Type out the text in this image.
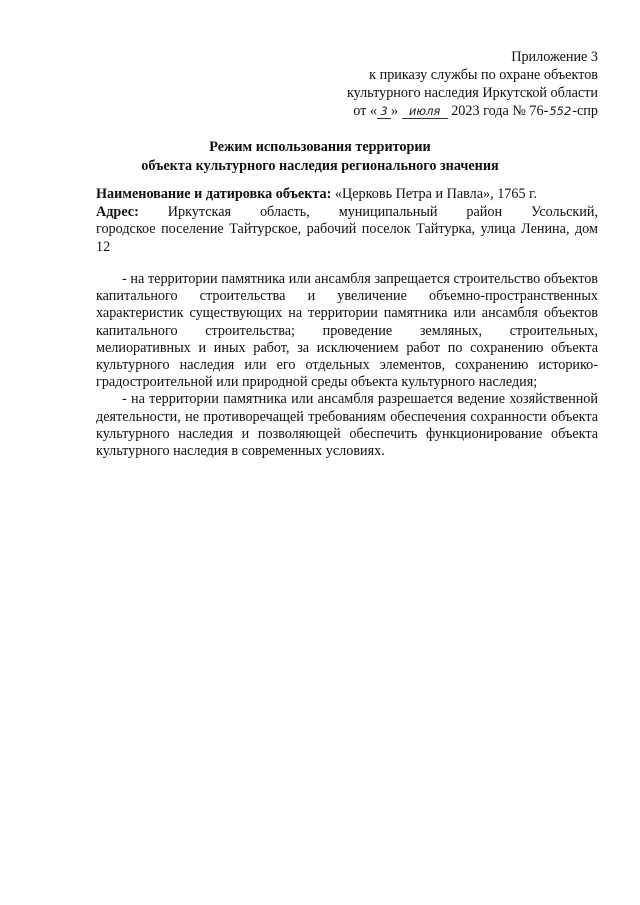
Приложение 3
к приказу службы по охране объектов
культурного наследия Иркутской области
от « 3 » июля 2023 года № 76-552-спр
Режим использования территории
объекта культурного наследия регионального значения
Наименование и датировка объекта: «Церковь Петра и Павла», 1765 г.
Адрес: Иркутская область, муниципальный район Усольский,
городское поселение Тайтурское, рабочий поселок Тайтурка, улица Ленина, дом 12

- на территории памятника или ансамбля запрещается строительство объектов капитального строительства и увеличение объемно-пространственных характеристик существующих на территории памятника или ансамбля объектов капитального строительства; проведение земляных, строительных, мелиоративных и иных работ, за исключением работ по сохранению объекта культурного наследия или его отдельных элементов, сохранению историко-градостроительной или природной среды объекта культурного наследия;

- на территории памятника или ансамбля разрешается ведение хозяйственной деятельности, не противоречащей требованиям обеспечения сохранности объекта культурного наследия и позволяющей обеспечить функционирование объекта культурного наследия в современных условиях.
